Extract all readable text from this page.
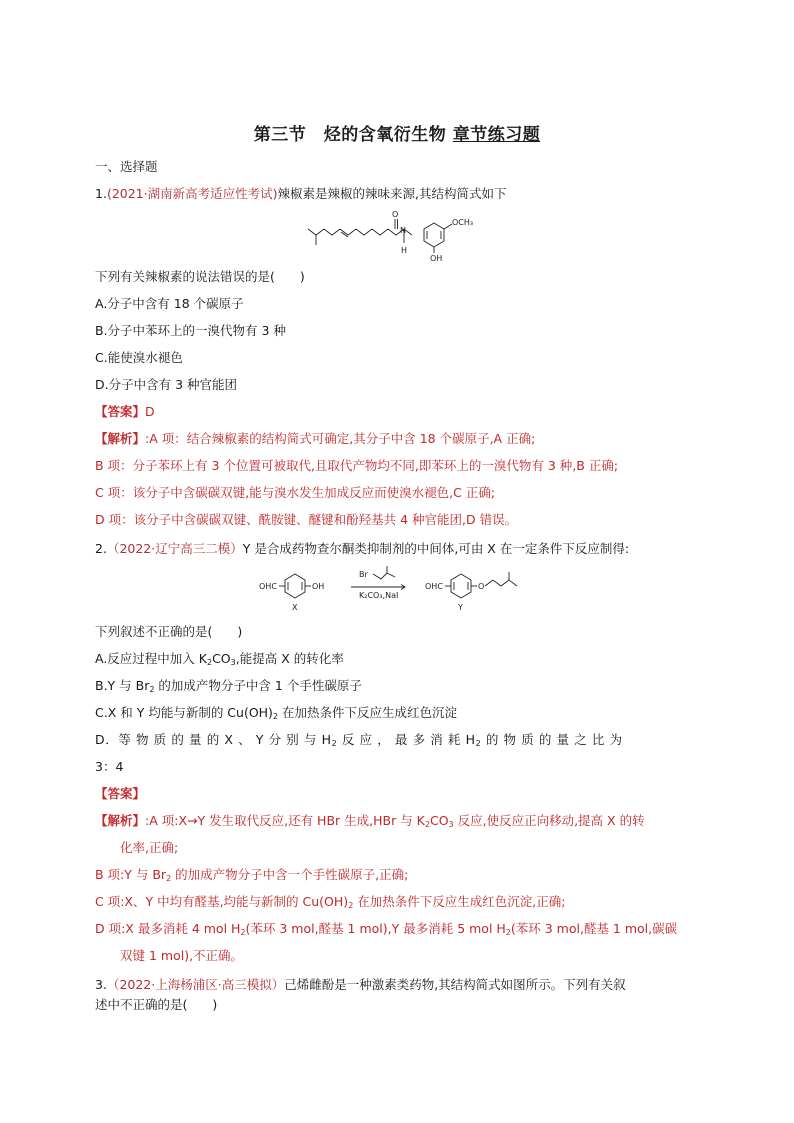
第三节　烃的含氧衍生物 章节练习题
一、选择题
1.(2021·湖南新高考适应性考试)辣椒素是辣椒的辣味来源,其结构简式如下
O
N
H
OCH₃
OH
下列有关辣椒素的说法错误的是(　　)
A.分子中含有 18 个碳原子
B.分子中苯环上的一溴代物有 3 种
C.能使溴水褪色
D.分子中含有 3 种官能团
【答案】D
【解析】:A 项：结合辣椒素的结构简式可确定,其分子中含 18 个碳原子,A 正确;
B 项：分子苯环上有 3 个位置可被取代,且取代产物均不同,即苯环上的一溴代物有 3 种,B 正确;
C 项：该分子中含碳碳双键,能与溴水发生加成反应而使溴水褪色,C 正确;
D 项：该分子中含碳碳双键、酰胺键、醚键和酚羟基共 4 种官能团,D 错误。
2.（2022·辽宁高三二模）Y 是合成药物查尔酮类抑制剂的中间体,可由 X 在一定条件下反应制得:
OHC	OH
X
Br
K₂CO₃,NaI
OHC	O
Y
下列叙述不正确的是(　　)
A.反应过程中加入 $K_2CO_3$,能提高 X 的转化率
B.Y 与 $Br_2$ 的加成产物分子中含 1 个手性碳原子
C.X 和 Y 均能与新制的 $Cu(OH)_2$ 在加热条件下反应生成红色沉淀
D．等 物 质 的 量 的 X 、 Y 分 别 与 $H_2$ 反 应 ， 最 多 消 耗 $H_2$ 的 物 质 的 量 之 比 为
3：4
【答案】
【解析】:A 项:X→Y 发生取代反应,还有 HBr 生成,HBr 与 $K_2CO_3$ 反应,使反应正向移动,提高 X 的转
化率,正确;
B 项:Y 与 $Br_2$ 的加成产物分子中含一个手性碳原子,正确;
C 项:X、Y 中均有醛基,均能与新制的 $Cu(OH)_2$ 在加热条件下反应生成红色沉淀,正确;
D 项:X 最多消耗 4 mol $H_2$(苯环 3 mol,醛基 1 mol),Y 最多消耗 5 mol $H_2$(苯环 3 mol,醛基 1 mol,碳碳
双键 1 mol),不正确。
3.（2022·上海杨浦区·高三模拟）己烯雌酚是一种激素类药物,其结构简式如图所示。下列有关叙
述中不正确的是(　　)
